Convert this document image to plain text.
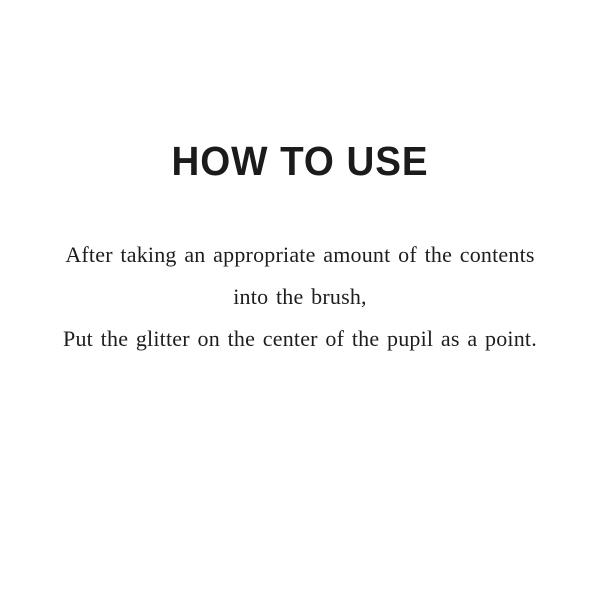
HOW TO USE

After taking an appropriate amount of the contents

into the brush,

Put the glitter on the center of the pupil as a point.
